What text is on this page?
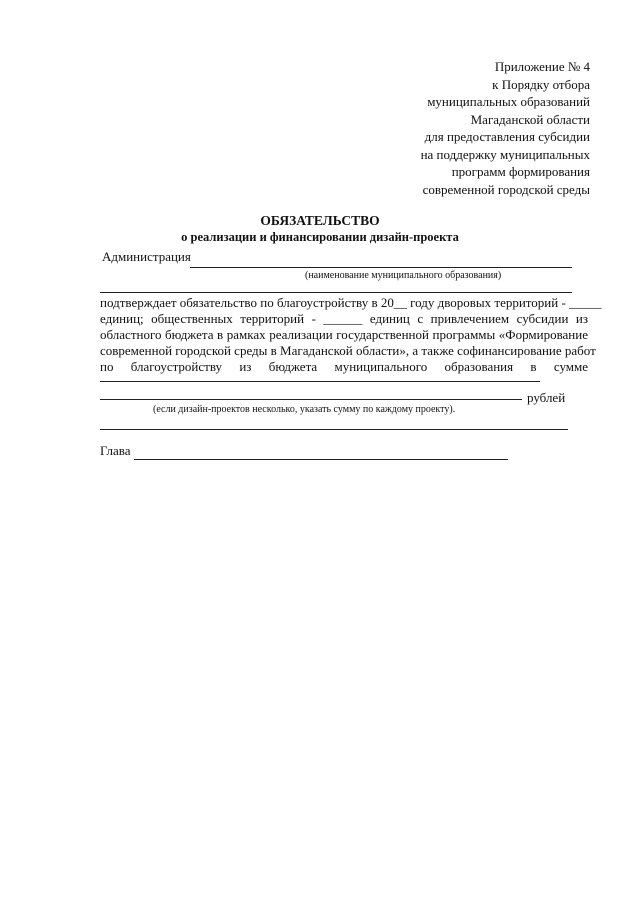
Приложение № 4
к Порядку отбора
муниципальных образований
Магаданской области
для предоставления субсидии
на поддержку муниципальных
программ формирования
современной городской среды
ОБЯЗАТЕЛЬСТВО
о реализации и финансировании дизайн-проекта
Администрация
(наименование муниципального образования)
подтверждает обязательство по благоустройству в 20__ году дворовых территорий - _____
единиц; общественных территорий - ______ единиц с привлечением субсидии из
областного бюджета в рамках реализации государственной программы «Формирование
современной городской среды в Магаданской области», а также софинансирование работ
по благоустройству из бюджета муниципального образования в сумме
рублей
(если дизайн-проектов несколько, указать сумму по каждому проекту).
Глава
